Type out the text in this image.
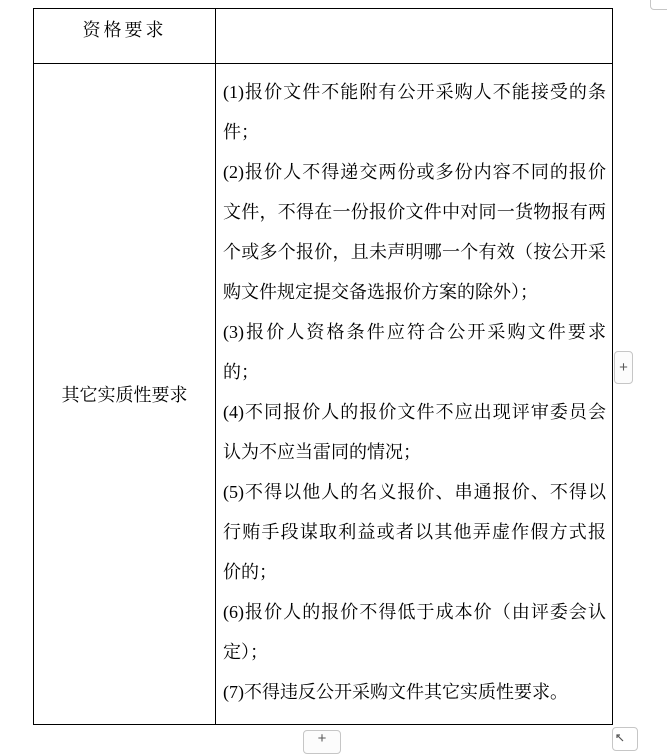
资格要求
其它实质性要求
(1)报价文件不能附有公开采购人不能接受的条
件；
(2)报价人不得递交两份或多份内容不同的报价
文件，不得在一份报价文件中对同一货物报有两
个或多个报价，且未声明哪一个有效（按公开采
购文件规定提交备选报价方案的除外）；
(3)报价人资格条件应符合公开采购文件要求
的；
(4)不同报价人的报价文件不应出现评审委员会
认为不应当雷同的情况；
(5)不得以他人的名义报价、串通报价、不得以
行贿手段谋取利益或者以其他弄虚作假方式报
价的；
(6)报价人的报价不得低于成本价（由评委会认
定）；
(7)不得违反公开采购文件其它实质性要求。
+
+
